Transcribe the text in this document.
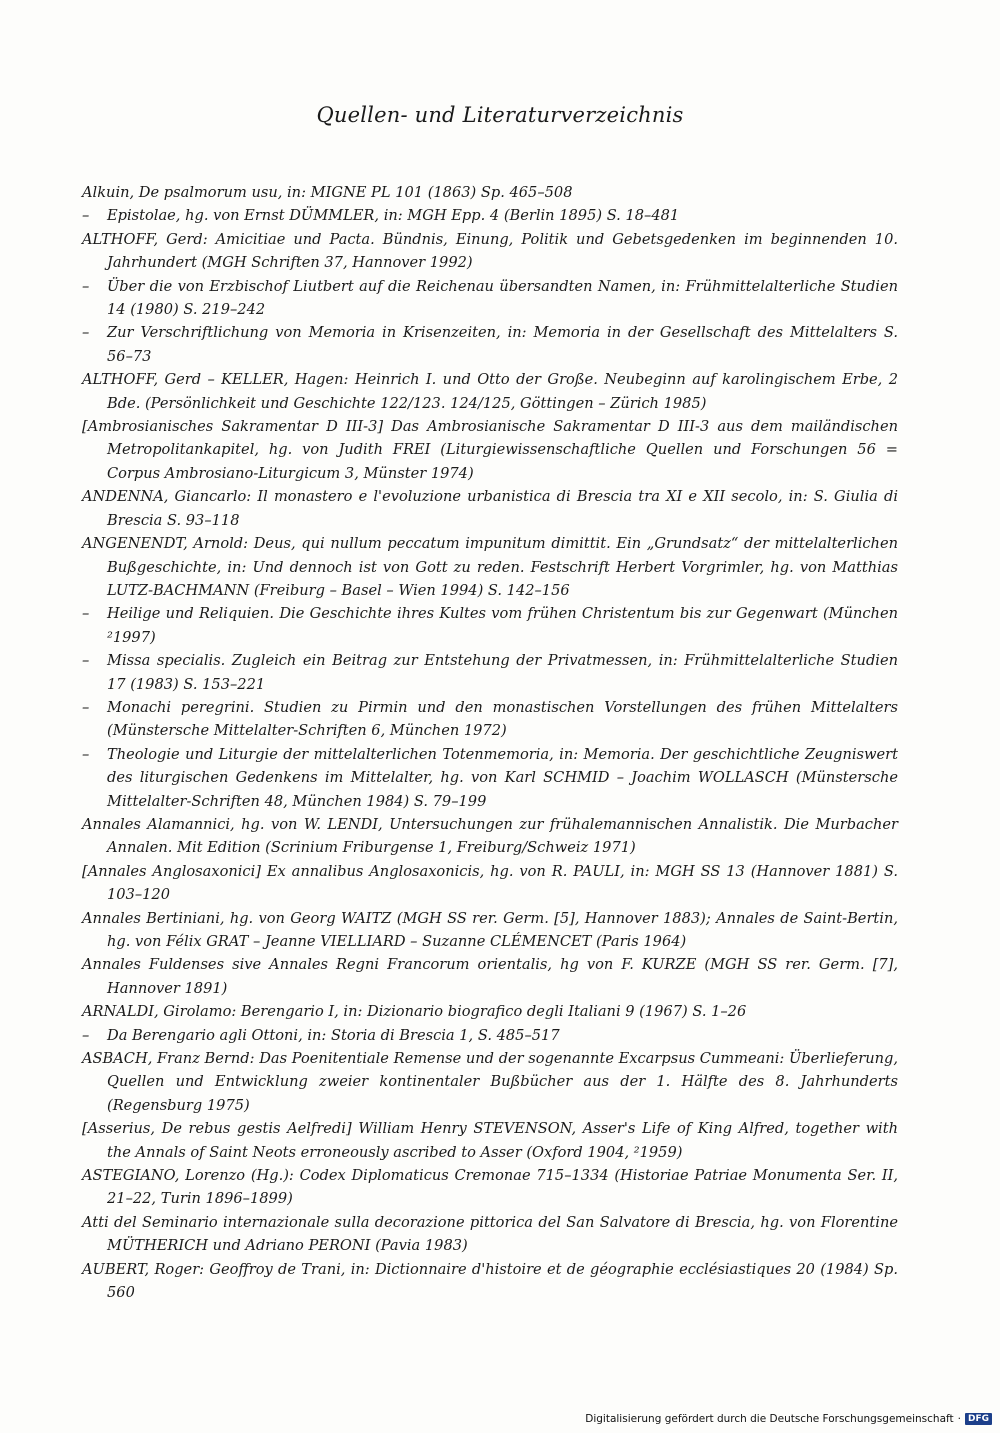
Quellen- und Literaturverzeichnis
Alkuin, De psalmorum usu, in: MIGNE PL 101 (1863) Sp. 465–508
– Epistolae, hg. von Ernst DÜMMLER, in: MGH Epp. 4 (Berlin 1895) S. 18–481
ALTHOFF, Gerd: Amicitiae und Pacta. Bündnis, Einung, Politik und Gebetsgedenken im beginnenden 10. Jahrhundert (MGH Schriften 37, Hannover 1992)
– Über die von Erzbischof Liutbert auf die Reichenau übersandten Namen, in: Frühmittelalterliche Studien 14 (1980) S. 219–242
– Zur Verschriftlichung von Memoria in Krisenzeiten, in: Memoria in der Gesellschaft des Mittelalters S. 56–73
ALTHOFF, Gerd – KELLER, Hagen: Heinrich I. und Otto der Große. Neubeginn auf karolingischem Erbe, 2 Bde. (Persönlichkeit und Geschichte 122/123. 124/125, Göttingen – Zürich 1985)
[Ambrosianisches Sakramentar D III-3] Das Ambrosianische Sakramentar D III-3 aus dem mailändischen Metropolitankapitel, hg. von Judith FREI (Liturgiewissenschaftliche Quellen und Forschungen 56 = Corpus Ambrosiano-Liturgicum 3, Münster 1974)
ANDENNA, Giancarlo: Il monastero e l'evoluzione urbanistica di Brescia tra XI e XII secolo, in: S. Giulia di Brescia S. 93–118
ANGENENDT, Arnold: Deus, qui nullum peccatum impunitum dimittit. Ein „Grundsatz“ der mittelalterlichen Bußgeschichte, in: Und dennoch ist von Gott zu reden. Festschrift Herbert Vorgrimler, hg. von Matthias LUTZ-BACHMANN (Freiburg – Basel – Wien 1994) S. 142–156
– Heilige und Reliquien. Die Geschichte ihres Kultes vom frühen Christentum bis zur Gegenwart (München ²1997)
– Missa specialis. Zugleich ein Beitrag zur Entstehung der Privatmessen, in: Frühmittelalterliche Studien 17 (1983) S. 153–221
– Monachi peregrini. Studien zu Pirmin und den monastischen Vorstellungen des frühen Mittelalters (Münstersche Mittelalter-Schriften 6, München 1972)
– Theologie und Liturgie der mittelalterlichen Totenmemoria, in: Memoria. Der geschichtliche Zeugniswert des liturgischen Gedenkens im Mittelalter, hg. von Karl SCHMID – Joachim WOLLASCH (Münstersche Mittelalter-Schriften 48, München 1984) S. 79–199
Annales Alamannici, hg. von W. LENDI, Untersuchungen zur frühalemannischen Annalistik. Die Murbacher Annalen. Mit Edition (Scrinium Friburgense 1, Freiburg/Schweiz 1971)
[Annales Anglosaxonici] Ex annalibus Anglosaxonicis, hg. von R. PAULI, in: MGH SS 13 (Hannover 1881) S. 103–120
Annales Bertiniani, hg. von Georg WAITZ (MGH SS rer. Germ. [5], Hannover 1883); Annales de Saint-Bertin, hg. von Félix GRAT – Jeanne VIELLIARD – Suzanne CLÉMENCET (Paris 1964)
Annales Fuldenses sive Annales Regni Francorum orientalis, hg von F. KURZE (MGH SS rer. Germ. [7], Hannover 1891)
ARNALDI, Girolamo: Berengario I, in: Dizionario biografico degli Italiani 9 (1967) S. 1–26
– Da Berengario agli Ottoni, in: Storia di Brescia 1, S. 485–517
ASBACH, Franz Bernd: Das Poenitentiale Remense und der sogenannte Excarpsus Cummeani: Überlieferung, Quellen und Entwicklung zweier kontinentaler Bußbücher aus der 1. Hälfte des 8. Jahrhunderts (Regensburg 1975)
[Asserius, De rebus gestis Aelfredi] William Henry STEVENSON, Asser's Life of King Alfred, together with the Annals of Saint Neots erroneously ascribed to Asser (Oxford 1904, ²1959)
ASTEGIANO, Lorenzo (Hg.): Codex Diplomaticus Cremonae 715–1334 (Historiae Patriae Monumenta Ser. II, 21–22, Turin 1896–1899)
Atti del Seminario internazionale sulla decorazione pittorica del San Salvatore di Brescia, hg. von Florentine MÜTHERICH und Adriano PERONI (Pavia 1983)
AUBERT, Roger: Geoffroy de Trani, in: Dictionnaire d'histoire et de géographie ecclésiastiques 20 (1984) Sp. 560
Digitalisierung gefördert durch die Deutsche Forschungsgemeinschaft · DFG
